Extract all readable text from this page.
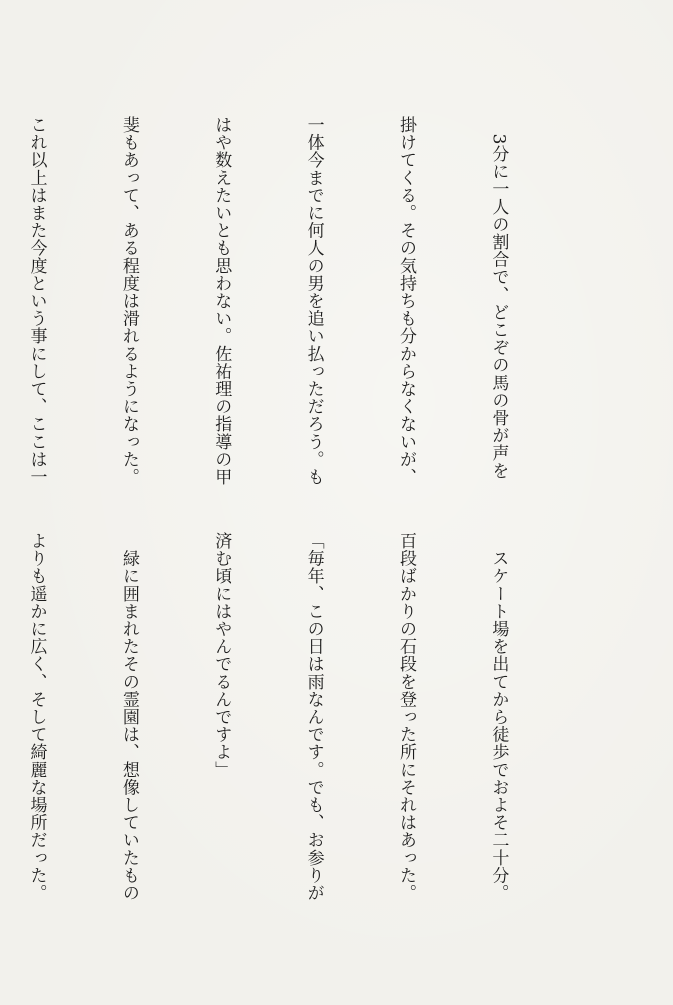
　3分に一人の割合で、どこぞの馬の骨が声を

掛けてくる。その気持ちも分からなくないが、

一体今までに何人の男を追い払っただろう。も

はや数えたいとも思わない。佐祐理の指導の甲

斐もあって、ある程度は滑れるようになった。

これ以上はまた今度という事にして、ここは一

　スケート場を出てから徒歩でおよそ二十分。

百段ばかりの石段を登った所にそれはあった。

「毎年、この日は雨なんです。でも、お参りが

済む頃にはやんでるんですよ」

　緑に囲まれたその霊園は、想像していたもの

よりも遥かに広く、そして綺麗な場所だった。
